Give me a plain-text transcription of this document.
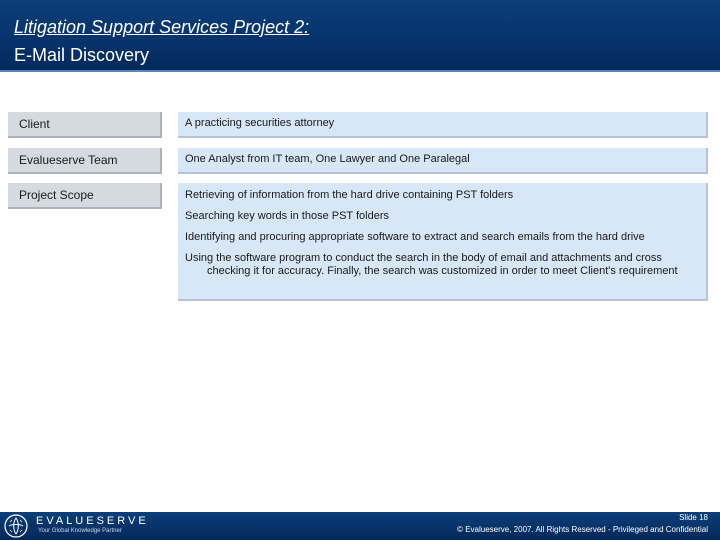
Litigation Support Services Project 2:
E-Mail Discovery
Client	A practicing securities attorney
Evalueserve Team	One Analyst from IT team, One Lawyer and One Paralegal
Project Scope	Retrieving of information from the hard drive containing PST folders
Searching key words in those PST folders
Identifying and procuring appropriate software to extract and search emails from the hard drive
Using the software program to conduct the search in the body of email and attachments and cross checking it for accuracy. Finally, the search was customized in order to meet Client's requirement
EVALUESERVE
Your Global Knowledge Partner
Slide 18
© Evalueserve, 2007. All Rights Reserved - Privileged and Confidential
